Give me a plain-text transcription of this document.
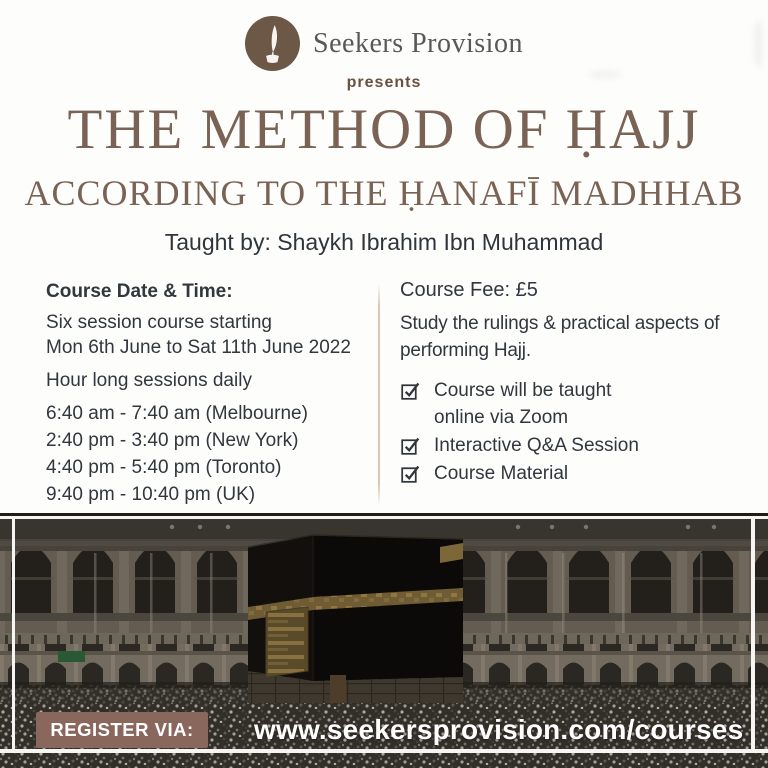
Seekers Provision
presents
THE METHOD OF ḤAJJ
ACCORDING TO THE ḤANAFĪ MADHHAB
Taught by: Shaykh Ibrahim Ibn Muhammad
Course Date & Time:
Six session course starting
Mon 6th June to Sat 11th June 2022
Hour long sessions daily
6:40 am - 7:40 am (Melbourne)
2:40 pm - 3:40 pm (New York)
4:40 pm - 5:40 pm (Toronto)
9:40 pm - 10:40 pm (UK)
Course Fee: £5
Study the rulings & practical aspects of performing Hajj.
Course will be taught online via Zoom
Interactive Q&A Session
Course Material
REGISTER VIA:	www.seekersprovision.com/courses
